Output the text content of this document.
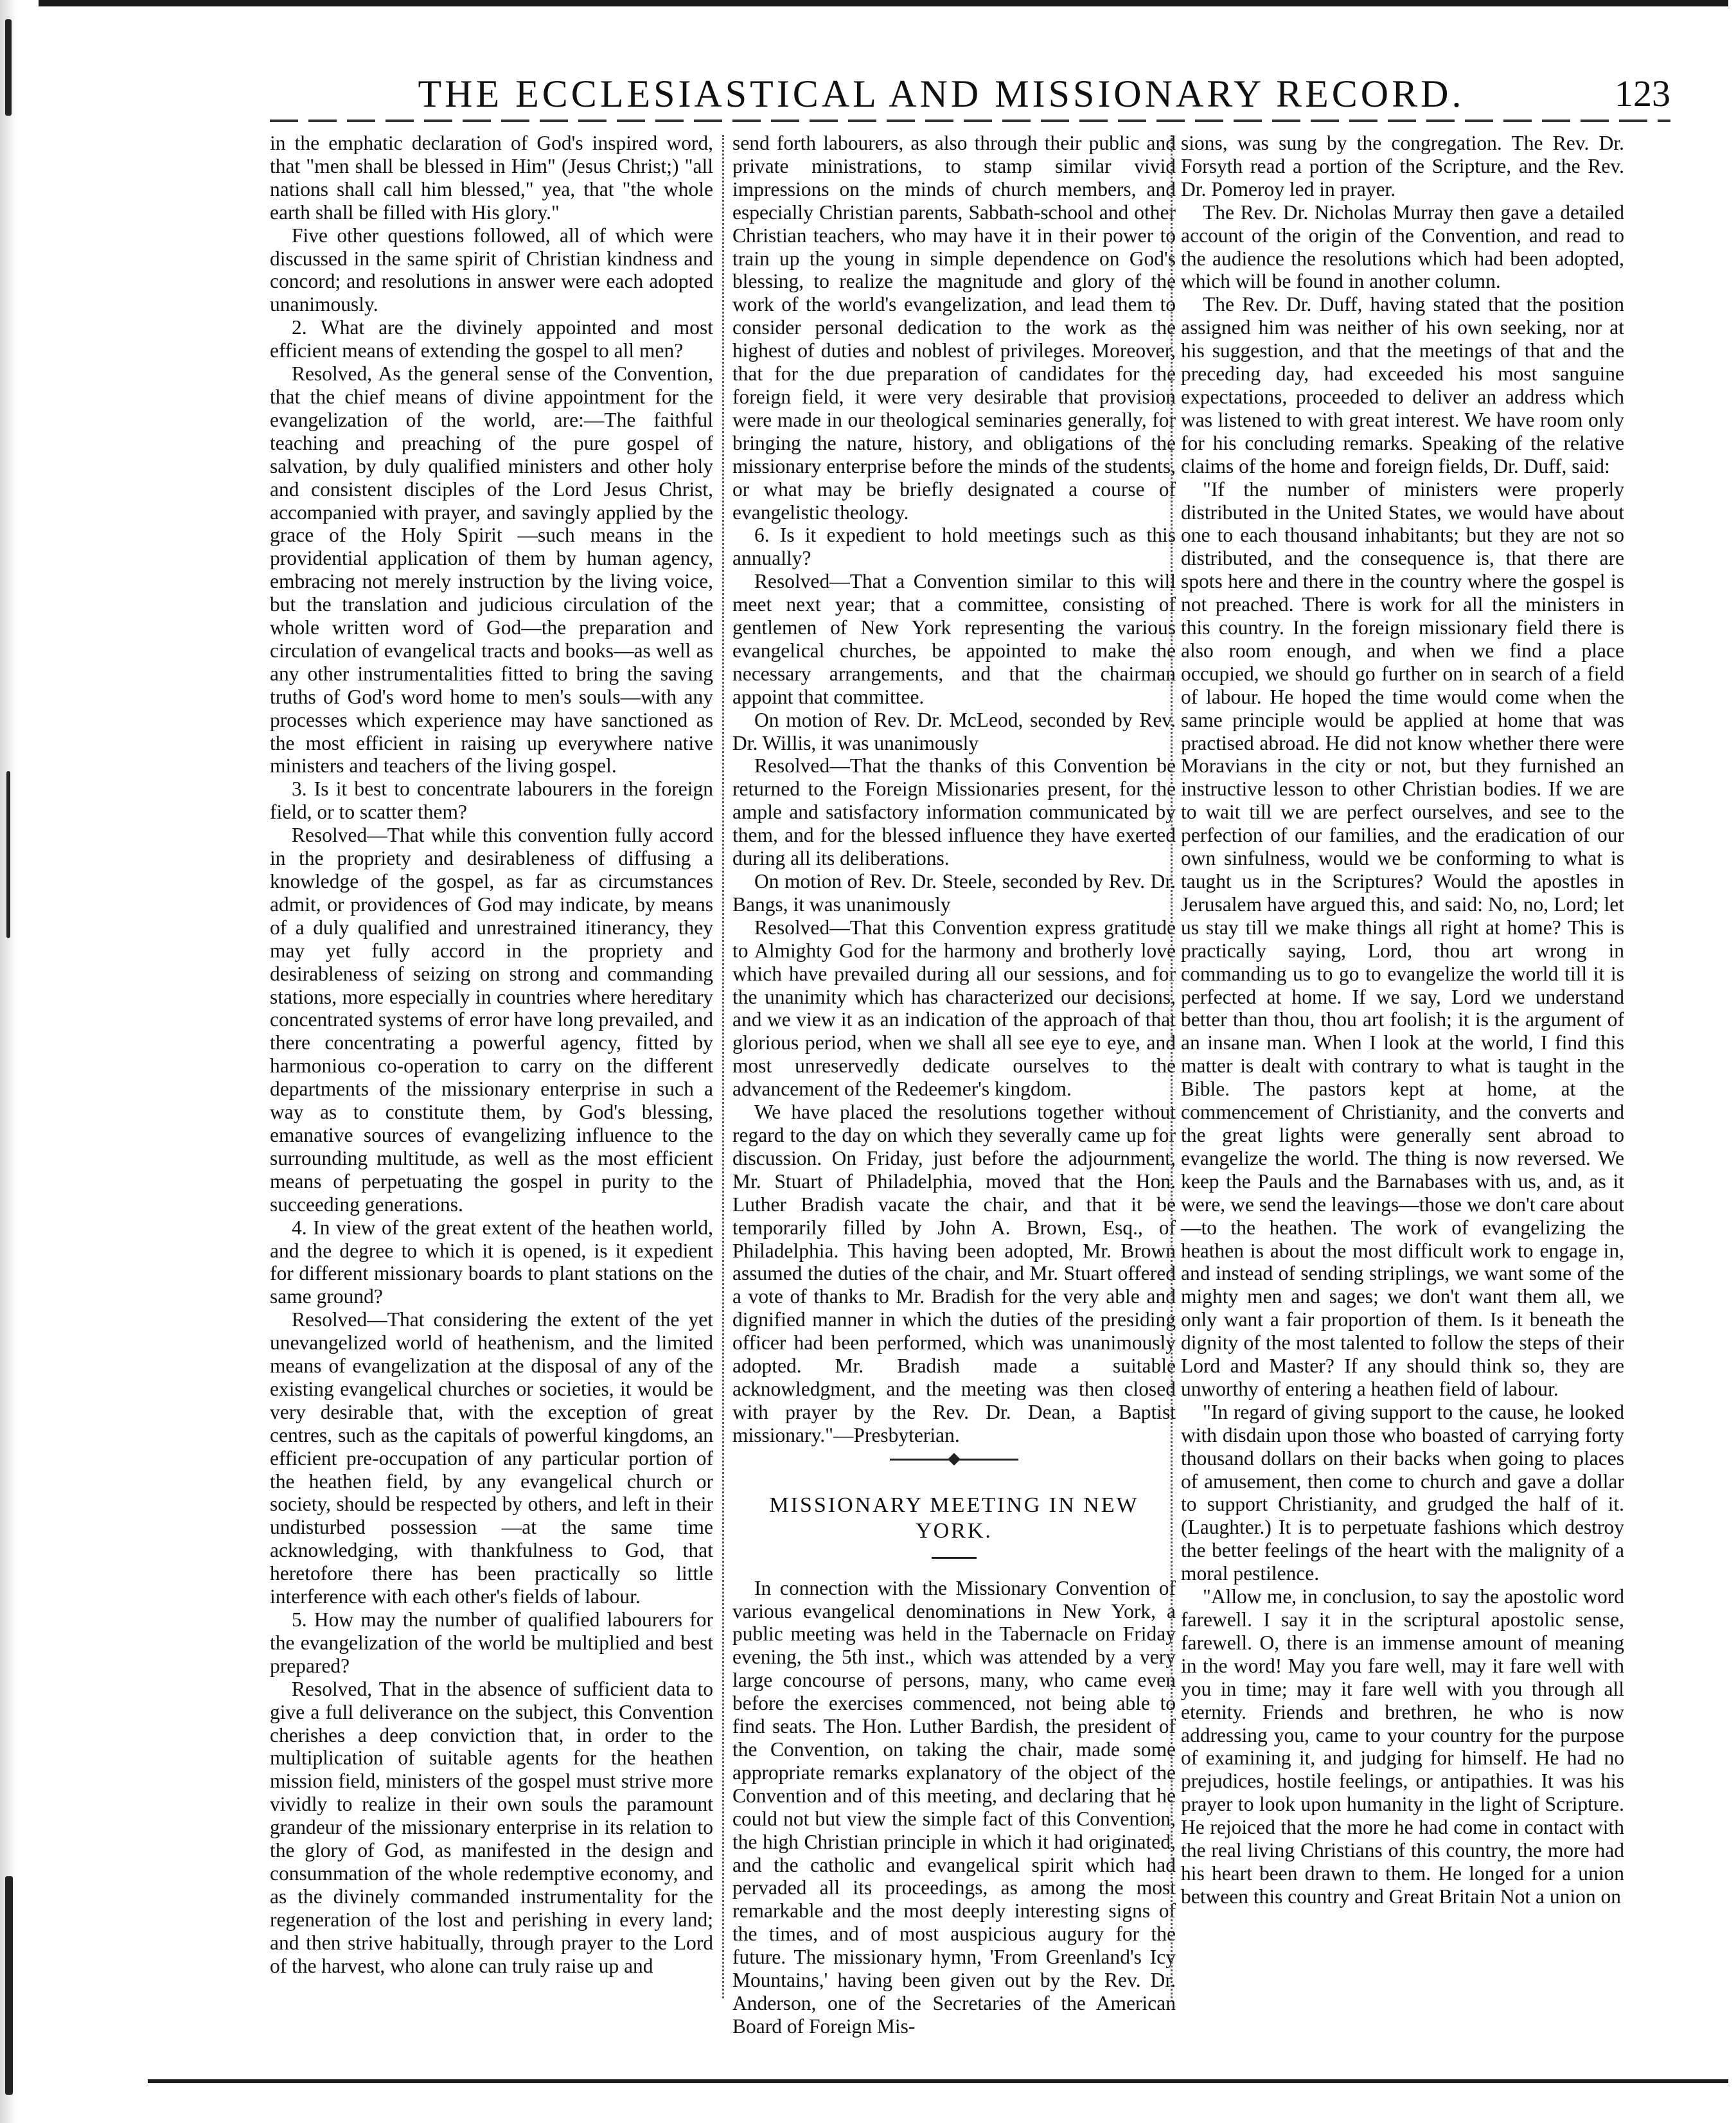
THE ECCLESIASTICAL AND MISSIONARY RECORD.	123

in the emphatic declaration of God's inspired word, that "men shall be blessed in Him" (Jesus Christ;) "all nations shall call him blessed," yea, that "the whole earth shall be filled with His glory."

Five other questions followed, all of which were discussed in the same spirit of Christian kindness and concord; and resolutions in answer were each adopted unanimously.

2. What are the divinely appointed and most efficient means of extending the gospel to all men?

Resolved, As the general sense of the Convention, that the chief means of divine appointment for the evangelization of the world, are:—The faithful teaching and preaching of the pure gospel of salvation, by duly qualified ministers and other holy and consistent disciples of the Lord Jesus Christ, accompanied with prayer, and savingly applied by the grace of the Holy Spirit —such means in the providential application of them by human agency, embracing not merely instruction by the living voice, but the translation and judicious circulation of the whole written word of God—the preparation and circulation of evangelical tracts and books—as well as any other instrumentalities fitted to bring the saving truths of God's word home to men's souls—with any processes which experience may have sanctioned as the most efficient in raising up everywhere native ministers and teachers of the living gospel.

3. Is it best to concentrate labourers in the foreign field, or to scatter them?

Resolved—That while this convention fully accord in the propriety and desirableness of diffusing a knowledge of the gospel, as far as circumstances admit, or providences of God may indicate, by means of a duly qualified and unrestrained itinerancy, they may yet fully accord in the propriety and desirableness of seizing on strong and commanding stations, more especially in countries where hereditary concentrated systems of error have long prevailed, and there concentrating a powerful agency, fitted by harmonious co-operation to carry on the different departments of the missionary enterprise in such a way as to constitute them, by God's blessing, emanative sources of evangelizing influence to the surrounding multitude, as well as the most efficient means of perpetuating the gospel in purity to the succeeding generations.

4. In view of the great extent of the heathen world, and the degree to which it is opened, is it expedient for different missionary boards to plant stations on the same ground?

Resolved—That considering the extent of the yet unevangelized world of heathenism, and the limited means of evangelization at the disposal of any of the existing evangelical churches or societies, it would be very desirable that, with the exception of great centres, such as the capitals of powerful kingdoms, an efficient pre-occupation of any particular portion of the heathen field, by any evangelical church or society, should be respected by others, and left in their undisturbed possession —at the same time acknowledging, with thankfulness to God, that heretofore there has been practically so little interference with each other's fields of labour.

5. How may the number of qualified labourers for the evangelization of the world be multiplied and best prepared?

Resolved, That in the absence of sufficient data to give a full deliverance on the subject, this Convention cherishes a deep conviction that, in order to the multiplication of suitable agents for the heathen mission field, ministers of the gospel must strive more vividly to realize in their own souls the paramount grandeur of the missionary enterprise in its relation to the glory of God, as manifested in the design and consummation of the whole redemptive economy, and as the divinely commanded instrumentality for the regeneration of the lost and perishing in every land; and then strive habitually, through prayer to the Lord of the harvest, who alone can truly raise up and

send forth labourers, as also through their public and private ministrations, to stamp similar vivid impressions on the minds of church members, and especially Christian parents, Sabbath-school and other Christian teachers, who may have it in their power to train up the young in simple dependence on God's blessing, to realize the magnitude and glory of the work of the world's evangelization, and lead them to consider personal dedication to the work as the highest of duties and noblest of privileges. Moreover, that for the due preparation of candidates for the foreign field, it were very desirable that provision were made in our theological seminaries generally, for bringing the nature, history, and obligations of the missionary enterprise before the minds of the students, or what may be briefly designated a course of evangelistic theology.

6. Is it expedient to hold meetings such as this annually?

Resolved—That a Convention similar to this will meet next year; that a committee, consisting of gentlemen of New York representing the various evangelical churches, be appointed to make the necessary arrangements, and that the chairman appoint that committee.

On motion of Rev. Dr. McLeod, seconded by Rev. Dr. Willis, it was unanimously

Resolved—That the thanks of this Convention be returned to the Foreign Missionaries present, for the ample and satisfactory information communicated by them, and for the blessed influence they have exerted during all its deliberations.

On motion of Rev. Dr. Steele, seconded by Rev. Dr. Bangs, it was unanimously

Resolved—That this Convention express gratitude to Almighty God for the harmony and brotherly love which have prevailed during all our sessions, and for the unanimity which has characterized our decisions, and we view it as an indication of the approach of that glorious period, when we shall all see eye to eye, and most unreservedly dedicate ourselves to the advancement of the Redeemer's kingdom.

We have placed the resolutions together without regard to the day on which they severally came up for discussion. On Friday, just before the adjournment, Mr. Stuart of Philadelphia, moved that the Hon. Luther Bradish vacate the chair, and that it be temporarily filled by John A. Brown, Esq., of Philadelphia. This having been adopted, Mr. Brown assumed the duties of the chair, and Mr. Stuart offered a vote of thanks to Mr. Bradish for the very able and dignified manner in which the duties of the presiding officer had been performed, which was unanimously adopted. Mr. Bradish made a suitable acknowledgment, and the meeting was then closed with prayer by the Rev. Dr. Dean, a Baptist missionary."—Presbyterian.

MISSIONARY MEETING IN NEW YORK.

In connection with the Missionary Convention of various evangelical denominations in New York, a public meeting was held in the Tabernacle on Friday evening, the 5th inst., which was attended by a very large concourse of persons, many, who came even before the exercises commenced, not being able to find seats. The Hon. Luther Bardish, the president of the Convention, on taking the chair, made some appropriate remarks explanatory of the object of the Convention and of this meeting, and declaring that he could not but view the simple fact of this Convention, the high Christian principle in which it had originated, and the catholic and evangelical spirit which had pervaded all its proceedings, as among the most remarkable and the most deeply interesting signs of the times, and of most auspicious augury for the future. The missionary hymn, 'From Greenland's Icy Mountains,' having been given out by the Rev. Dr. Anderson, one of the Secretaries of the American Board of Foreign Mis-

sions, was sung by the congregation. The Rev. Dr. Forsyth read a portion of the Scripture, and the Rev. Dr. Pomeroy led in prayer.

The Rev. Dr. Nicholas Murray then gave a detailed account of the origin of the Convention, and read to the audience the resolutions which had been adopted, which will be found in another column.

The Rev. Dr. Duff, having stated that the position assigned him was neither of his own seeking, nor at his suggestion, and that the meetings of that and the preceding day, had exceeded his most sanguine expectations, proceeded to deliver an address which was listened to with great interest. We have room only for his concluding remarks. Speaking of the relative claims of the home and foreign fields, Dr. Duff, said:

"If the number of ministers were properly distributed in the United States, we would have about one to each thousand inhabitants; but they are not so distributed, and the consequence is, that there are spots here and there in the country where the gospel is not preached. There is work for all the ministers in this country. In the foreign missionary field there is also room enough, and when we find a place occupied, we should go further on in search of a field of labour. He hoped the time would come when the same principle would be applied at home that was practised abroad. He did not know whether there were Moravians in the city or not, but they furnished an instructive lesson to other Christian bodies. If we are to wait till we are perfect ourselves, and see to the perfection of our families, and the eradication of our own sinfulness, would we be conforming to what is taught us in the Scriptures? Would the apostles in Jerusalem have argued this, and said: No, no, Lord; let us stay till we make things all right at home? This is practically saying, Lord, thou art wrong in commanding us to go to evangelize the world till it is perfected at home. If we say, Lord we understand better than thou, thou art foolish; it is the argument of an insane man. When I look at the world, I find this matter is dealt with contrary to what is taught in the Bible. The pastors kept at home, at the commencement of Christianity, and the converts and the great lights were generally sent abroad to evangelize the world. The thing is now reversed. We keep the Pauls and the Barnabases with us, and, as it were, we send the leavings—those we don't care about—to the heathen. The work of evangelizing the heathen is about the most difficult work to engage in, and instead of sending striplings, we want some of the mighty men and sages; we don't want them all, we only want a fair proportion of them. Is it beneath the dignity of the most talented to follow the steps of their Lord and Master? If any should think so, they are unworthy of entering a heathen field of labour.

"In regard of giving support to the cause, he looked with disdain upon those who boasted of carrying forty thousand dollars on their backs when going to places of amusement, then come to church and gave a dollar to support Christianity, and grudged the half of it. (Laughter.) It is to perpetuate fashions which destroy the better feelings of the heart with the malignity of a moral pestilence.

"Allow me, in conclusion, to say the apostolic word farewell. I say it in the scriptural apostolic sense, farewell. O, there is an immense amount of meaning in the word! May you fare well, may it fare well with you in time; may it fare well with you through all eternity. Friends and brethren, he who is now addressing you, came to your country for the purpose of examining it, and judging for himself. He had no prejudices, hostile feelings, or antipathies. It was his prayer to look upon humanity in the light of Scripture. He rejoiced that the more he had come in contact with the real living Christians of this country, the more had his heart been drawn to them. He longed for a union between this country and Great Britain Not a union on
